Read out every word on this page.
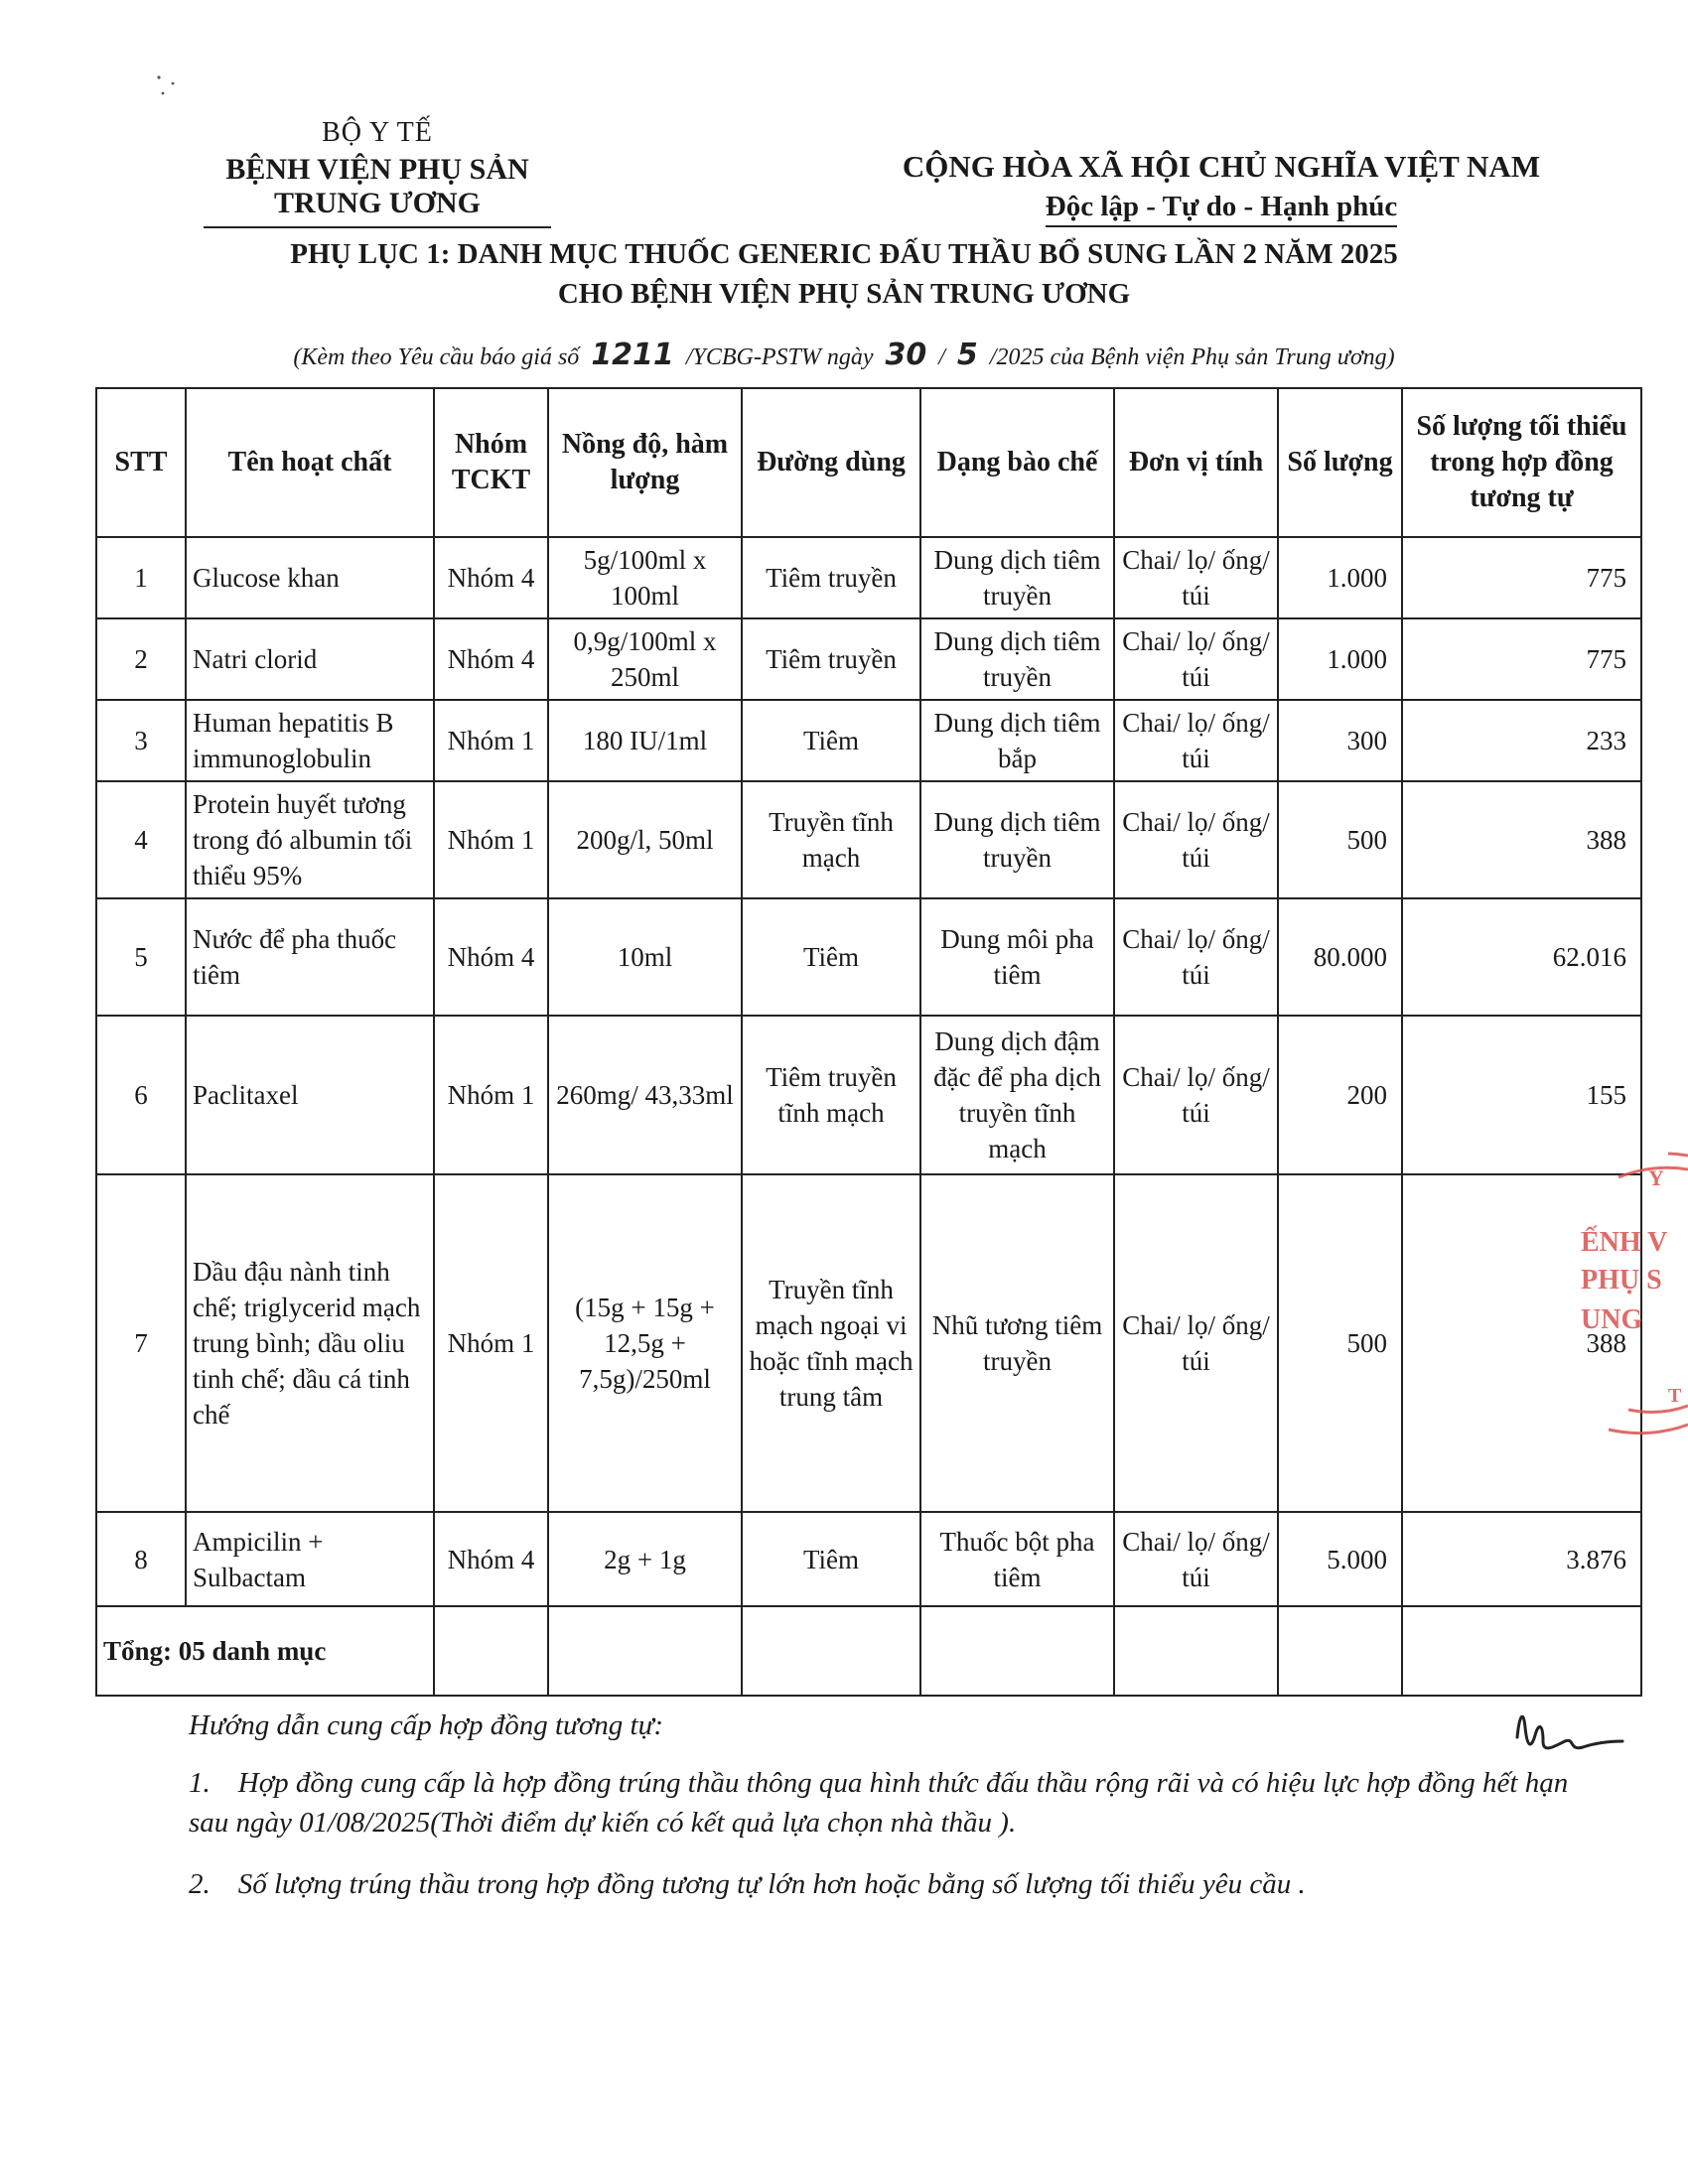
BỘ Y TẾ
BỆNH VIỆN PHỤ SẢN TRUNG ƯƠNG
CỘNG HÒA XÃ HỘI CHỦ NGHĨA VIỆT NAM
Độc lập - Tự do - Hạnh phúc
PHỤ LỤC 1: DANH MỤC THUỐC GENERIC ĐẤU THẦU BỔ SUNG LẦN 2 NĂM 2025
CHO BỆNH VIỆN PHỤ SẢN TRUNG ƯƠNG
(Kèm theo Yêu cầu báo giá số 1211 /YCBG-PSTW ngày 30 / 5 /2025 của Bệnh viện Phụ sản Trung ương)
STT	Tên hoạt chất	Nhóm TCKT	Nồng độ, hàm lượng	Đường dùng	Dạng bào chế	Đơn vị tính	Số lượng	Số lượng tối thiểu trong hợp đồng tương tự
1	Glucose khan	Nhóm 4	5g/100ml x 100ml	Tiêm truyền	Dung dịch tiêm truyền	Chai/ lọ/ ống/ túi	1.000	775
2	Natri clorid	Nhóm 4	0,9g/100ml x 250ml	Tiêm truyền	Dung dịch tiêm truyền	Chai/ lọ/ ống/ túi	1.000	775
3	Human hepatitis B immunoglobulin	Nhóm 1	180 IU/1ml	Tiêm	Dung dịch tiêm bắp	Chai/ lọ/ ống/ túi	300	233
4	Protein huyết tương trong đó albumin tối thiểu 95%	Nhóm 1	200g/l, 50ml	Truyền tĩnh mạch	Dung dịch tiêm truyền	Chai/ lọ/ ống/ túi	500	388
5	Nước để pha thuốc tiêm	Nhóm 4	10ml	Tiêm	Dung môi pha tiêm	Chai/ lọ/ ống/ túi	80.000	62.016
6	Paclitaxel	Nhóm 1	260mg/ 43,33ml	Tiêm truyền tĩnh mạch	Dung dịch đậm đặc để pha dịch truyền tĩnh mạch	Chai/ lọ/ ống/ túi	200	155
7	Dầu đậu nành tinh chế; triglycerid mạch trung bình; dầu oliu tinh chế; dầu cá tinh chế	Nhóm 1	(15g + 15g + 12,5g + 7,5g)/250ml	Truyền tĩnh mạch ngoại vi hoặc tĩnh mạch trung tâm	Nhũ tương tiêm truyền	Chai/ lọ/ ống/ túi	500	388
8	Ampicilin + Sulbactam	Nhóm 4	2g + 1g	Tiêm	Thuốc bột pha tiêm	Chai/ lọ/ ống/ túi	5.000	3.876
Tổng: 05 danh mục								
Y
ẾNH V
PHỤ S
UNG
T
Hướng dẫn cung cấp hợp đồng tương tự:

1. Hợp đồng cung cấp là hợp đồng trúng thầu thông qua hình thức đấu thầu rộng rãi và có hiệu lực hợp đồng hết hạn sau ngày 01/08/2025(Thời điểm dự kiến có kết quả lựa chọn nhà thầu ).

2. Số lượng trúng thầu trong hợp đồng tương tự lớn hơn hoặc bằng số lượng tối thiểu yêu cầu .
